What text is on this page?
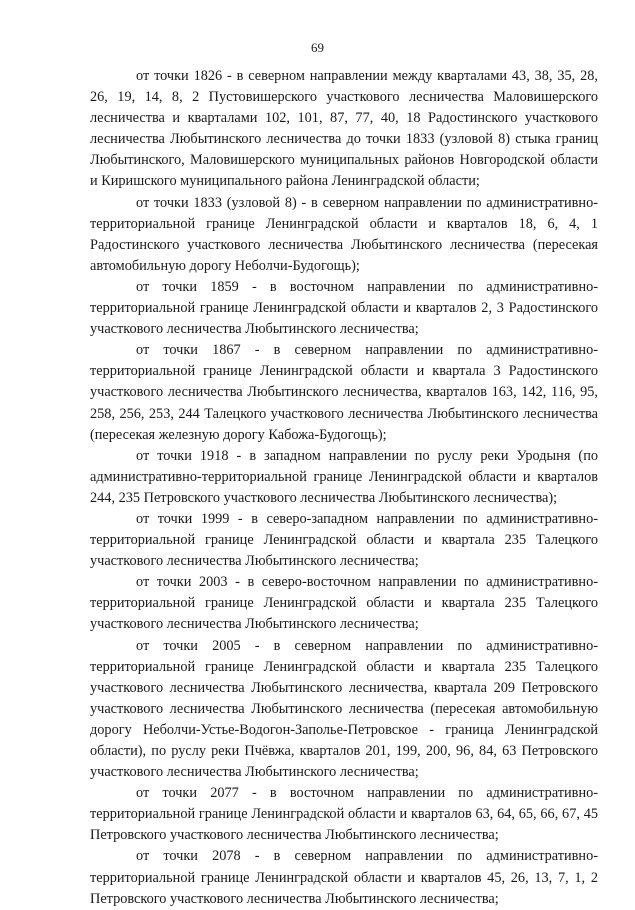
69

от точки 1826 - в северном направлении между кварталами 43, 38, 35, 28, 26, 19, 14, 8, 2 Пустовишерского участкового лесничества Маловишерского лесничества и кварталами 102, 101, 87, 77, 40, 18 Радостинского участкового лесничества Любытинского лесничества до точки 1833 (узловой 8) стыка границ Любытинского, Маловишерского муниципальных районов Новгородской области и Киришского муниципального района Ленинградской области;

от точки 1833 (узловой 8) - в северном направлении по административно-территориальной границе Ленинградской области и кварталов 18, 6, 4, 1 Радостинского участкового лесничества Любытинского лесничества (пересекая автомобильную дорогу Неболчи-Будогощь);

от точки 1859 - в восточном направлении по административно-территориальной границе Ленинградской области и кварталов 2, 3 Радостинского участкового лесничества Любытинского лесничества;

от точки 1867 - в северном направлении по административно-территориальной границе Ленинградской области и квартала 3 Радостинского участкового лесничества Любытинского лесничества, кварталов 163, 142, 116, 95, 258, 256, 253, 244 Талецкого участкового лесничества Любытинского лесничества (пересекая железную дорогу Кабожа-Будогощь);

от точки 1918 - в западном направлении по руслу реки Уродыня (по административно-территориальной границе Ленинградской области и кварталов 244, 235 Петровского участкового лесничества Любытинского лесничества);

от точки 1999 - в северо-западном направлении по административно-территориальной границе Ленинградской области и квартала 235 Талецкого участкового лесничества Любытинского лесничества;

от точки 2003 - в северо-восточном направлении по административно-территориальной границе Ленинградской области и квартала 235 Талецкого участкового лесничества Любытинского лесничества;

от точки 2005 - в северном направлении по административно-территориальной границе Ленинградской области и квартала 235 Талецкого участкового лесничества Любытинского лесничества, квартала 209 Петровского участкового лесничества Любытинского лесничества (пересекая автомобильную дорогу Неболчи-Устье-Водогон-Заполье-Петровское - граница Ленинградской области), по руслу реки Пчёвжа, кварталов 201, 199, 200, 96, 84, 63 Петровского участкового лесничества Любытинского лесничества;

от точки 2077 - в восточном направлении по административно-территориальной границе Ленинградской области и кварталов 63, 64, 65, 66, 67, 45 Петровского участкового лесничества Любытинского лесничества;

от точки 2078 - в северном направлении по административно-территориальной границе Ленинградской области и кварталов 45, 26, 13, 7, 1, 2 Петровского участкового лесничества Любытинского лесничества;
